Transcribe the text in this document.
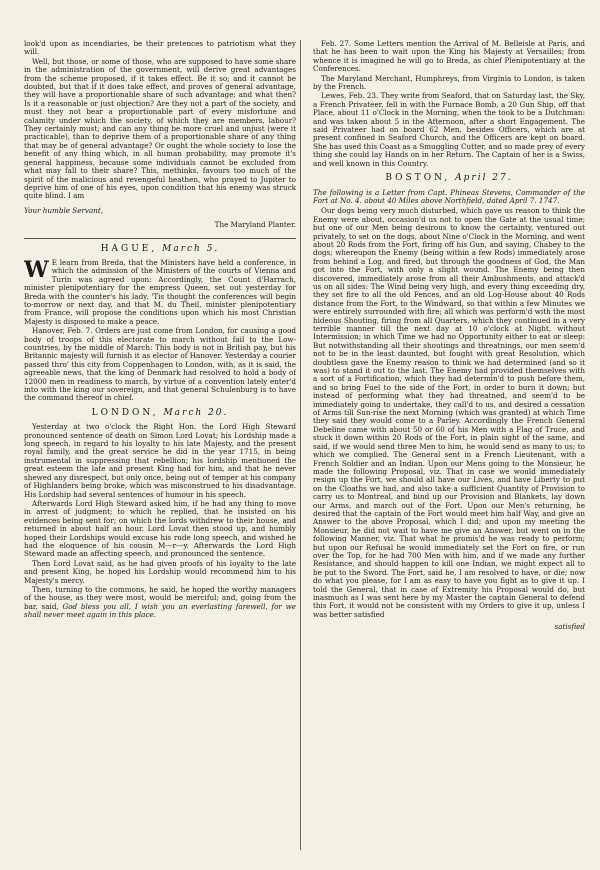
look'd upon as incendiaries, be their pretences to patriotism what they will.

Well, but those, or some of those, who are supposed to have some share in the administration of the government, will derive great advantages from the scheme proposed, if it takes effect. Be it so; and it cannot be doubted, but that if it does take effect, and proves of general advantage, they will have a proportionable share of such advantage; and what then? Is it a reasonable or just objection? Are they not a part of the society, and must they not bear a proportionable part of every misfortune and calamity under which the society, of which they are members, labour? They certainly must; and can any thing be more cruel and unjust (were it practicable), than to deprive them of a proportionable share of any thing that may be of general advantage? Or ought the whole society to lose the benefit of any thing which, in all human probability, may promote it's general happiness, because some individuals cannot be excluded from what may fall to their share? This, methinks, favours too much of the spirit of the malicious and revengeful heathen, who prayed to Jupiter to deprive him of one of his eyes, upon condition that his enemy was struck quite blind. I am

Your humble Servant,
The Maryland Planter.
HAGUE, March 5.

W E learn from Breda, that the Ministers have held a conference, in which the admission of the Ministers of the courts of Vienna and Turin was agreed upon: Accordingly, the Count d'Harrach, minister plenipotentiary for the empress Queen, set out yesterday for Breda with the counter's his lady. 'Tis thought the conferences will begin to-morrow or next day, and that M. du Theil, minister plenipotentiary from France, will propose the conditions upon which his most Christian Majesty is disposed to make a peace.

Hanover, Feb. 7. Orders are just come from London, for causing a good body of troops of this electorate to march without fail to the Low-countries, by the middle of March: This body is not in British pay, but his Britannic majesty will furnish it as elector of Hanover. Yesterday a courier passed thro' this city from Coppenhagen to London, with, as it is said, the agreeable news, that the king of Denmark had resolved to hold a body of 12000 men in readiness to march, by virtue of a convention lately enter'd into with the king our sovereign, and that general Schulenburg is to have the command thereof in chief.

LONDON, March 20.

Yesterday at two o'clock the Right Hon. the Lord High Steward pronounced sentence of death on Simon Lord Lovat; his Lordship made a long speech, in regard to his loyalty to his late Majesty, and the present royal family, and the great service he did in the year 1715, in being instrumental in suppressing that rebellion; his lordship mentioned the great esteem the late and present King had for him, and that he never shewed any disrespect, but only once, being out of temper at his company of Highlanders being broke, which was misconstrued to his disadvantage. His Lordship had several sentences of humour in his speech.

Afterwards Lord High Steward asked him, if he had any thing to move in arrest of judgment; to which he replied, that he insisted on his evidences being sent for; on which the lords withdrew to their house, and returned in about half an hour. Lord Lovat then stood up, and humbly hoped their Lordships would excuse his rude long speech, and wished he had the eloquence of his cousin M---r---y. Afterwards the Lord High Steward made an affecting speech, and pronounced the sentence.

Then Lord Lovat said, as he had given proofs of his loyalty to the late and present King, he hoped his Lordship would recommend him to his Majesty's mercy.

Then, turning to the commons, he said, he hoped the worthy managers of the house, as they were most, would be merciful; and, going from the bar, said, God bless you all, I wish you an everlasting farewell, for we shall never meet again in this place.

Feb. 27. Some Letters mention the Arrival of M. Belleisle at Paris, and that he has been to wait upon the King his Majesty at Versailles; from whence it is imagined he will go to Breda, as chief Plenipotentiary at the Conferences.

The Maryland Merchant, Humphreys, from Virginia to London, is taken by the French.

Lewes, Feb. 23. They write from Seaford, that on Saturday last, the Sky, a French Privateer, fell in with the Furnace Bomb, a 20 Gun Ship, off that Place, about 11 o'Clock in the Morning, when the took to be a Dutchman: and was taken about 5 in the Afternoon, after a short Engagement. The said Privateer had on board 62 Men, besides Officers, which are at present confined in Seaford Church, and the Officers are kept on board. She has used this Coast as a Smuggling Cutter, and so made prey of every thing she could lay Hands on in her Return. The Captain of her is a Swiss, and well known in this Country.

BOSTON, April 27.

The following is a Letter from Capt. Phineas Stevens, Commander of the Fort at No. 4. about 40 Miles above Northfield, dated April 7. 1747.

Our dogs being very much disturbed, which gave us reason to think the Enemy were about, occasion'd us not to open the Gate at the usual time; but one of our Men being desirous to know the certainty, ventured out privately, to set on the dogs, about Nine o'Clock in the Morning, and went about 20 Rods from the Fort, firing off his Gun, and saying, Chabey to the dogs; whereupon the Enemy (being within a few Rods) immediately arose from behind a Log, and fired, but through the goodness of God, the Man got into the Fort, with only a slight wound. The Enemy being then discovered, immediately arose from all their Ambushments, and attack'd us on all sides: The Wind being very high, and every thing exceeding dry, they set fire to all the old Fences, and an old Log-House about 40 Rods distance from the Fort, to the Windward, so that within a few Minutes we were entirely surrounded with fire; all which was perform'd with the most hideous Shouting, firing from all Quarters, which they continued in a very terrible manner till the next day at 10 o'clock at Night, without Intermission; in which Time we had no Opportunity either to eat or sleep: But notwithstanding all their shoutings and threatnings, our men seem'd not to be in the least daunted, but fought with great Resolution, which doubtless gave the Enemy reason to think we had determined (and so it was) to stand it out to the last. The Enemy had provided themselves with a sort of a Fortification, which they had determin'd to push before them, and so bring Fuel to the side of the Fort, in order to burn it down; but instead of performing what they had threatned, and seem'd to be immediately going to undertake, they call'd to us, and desired a cessation of Arms till Sun-rise the next Morning (which was granted) at which Time they said they would come to a Parley. Accordingly the French General Debeline came with about 50 or 60 of his Men with a Flag of Truce, and stuck it down within 20 Rods of the Fort, in plain sight of the same, and said, if we would send three Men to him, he would send as many to us; to which we complied. The General sent in a French Lieutenant, with a French Soldier and an Indian. Upon our Mens going to the Monsieur, he made the following Proposal, viz. That in case we would immediately resign up the Fort, we should all have our Lives, and have Liberty to put on the Cloaths we had, and also take a sufficient Quantity of Provision to carry us to Montreal, and bind up our Provision and Blankets, lay down our Arms, and march out of the Fort. Upon our Men's returning, he desired that the captain of the Fort would meet him half Way, and give an Answer to the above Proposal, which I did; and upon my meeting the Monsieur, he did not wait to have me give an Answer, but went on in the following Manner, viz. That what he promis'd he was ready to perform; but upon our Refusal he would immediately set the Fort on fire, or run over the Top, for he had 700 Men with him, and if we made any further Resistance, and should happen to kill one Indian, we might expect all to be put to the Sword. The Fort, said he, I am resolved to have, or die; now do what you please, for I am as easy to have you fight as to give it up. I told the General, that in case of Extremity his Proposal would do, but inasmuch as I was sent here by my Master the captain General to defend this Fort, it would not be consistent with my Orders to give it up, unless I was better satisfied

satisfied
